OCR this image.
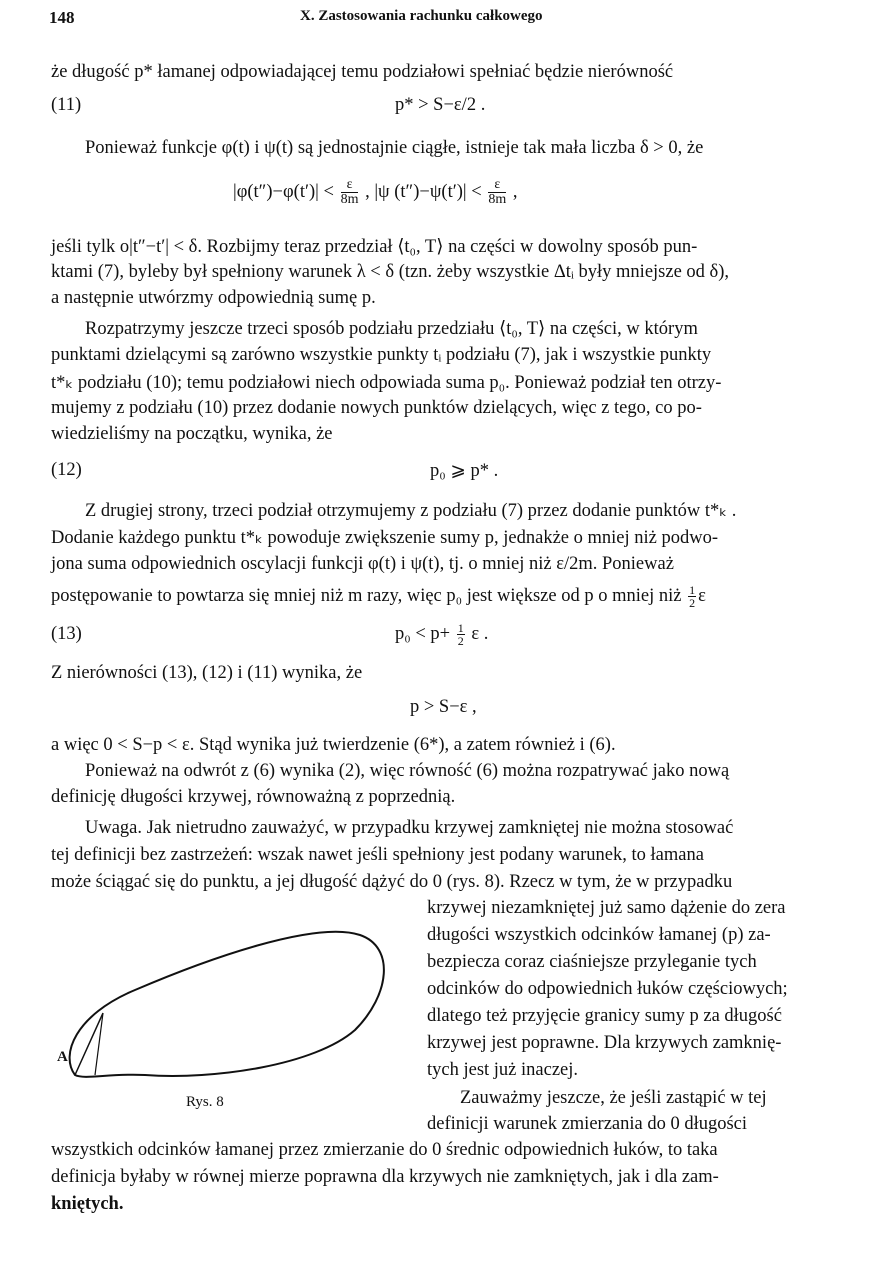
148	X. Zastosowania rachunku całkowego
że długość p* łamanej odpowiadającej temu podziałowi spełniać będzie nierówność
(11)	p* > S−ε/2 .
Ponieważ funkcje φ(t) i ψ(t) są jednostajnie ciągłe, istnieje tak mała liczba δ > 0, że
$|\varphi(t'')-\varphi(t')| < \frac{\varepsilon}{8m}$ , |ψ $(t'')-\psi(t')| < \frac{\varepsilon}{8m}$ ,
jeśli tylk o|t″−t′| < δ. Rozbijmy teraz przedział ⟨t₀, T⟩ na części w dowolny sposób pun-
ktami (7), byleby był spełniony warunek λ < δ (tzn. żeby wszystkie Δtᵢ były mniejsze od δ),
a następnie utwórzmy odpowiednią sumę p.
Rozpatrzymy jeszcze trzeci sposób podziału przedziału ⟨t₀, T⟩ na części, w którym
punktami dzielącymi są zarówno wszystkie punkty tᵢ podziału (7), jak i wszystkie punkty
t*ₖ podziału (10); temu podziałowi niech odpowiada suma p₀. Ponieważ podział ten otrzy-
mujemy z podziału (10) przez dodanie nowych punktów dzielących, więc z tego, co po-
wiedzieliśmy na początku, wynika, że
(12)	p₀ ⩾ p* .
Z drugiej strony, trzeci podział otrzymujemy z podziału (7) przez dodanie punktów t*ₖ .
Dodanie każdego punktu t*ₖ powoduje zwiększenie sumy p, jednakże o mniej niż podwo-
jona suma odpowiednich oscylacji funkcji φ(t) i ψ(t), tj. o mniej niż ε/2m. Ponieważ
postępowanie to powtarza się mniej niż m razy, więc p₀ jest większe od p o mniej niż $\frac{1}{2}$ ε
(13)	$p_0 < p+ \frac{1}{2}$ ε .
Z nierówności (13), (12) i (11) wynika, że
p > S−ε ,
a więc 0 < S−p < ε. Stąd wynika już twierdzenie (6*), a zatem również i (6).
Ponieważ na odwrót z (6) wynika (2), więc równość (6) można rozpatrywać jako nową
definicję długości krzywej, równoważną z poprzednią.
Uwaga. Jak nietrudno zauważyć, w przypadku krzywej zamkniętej nie można stosować
tej definicji bez zastrzeżeń: wszak nawet jeśli spełniony jest podany warunek, to łamana
może ściągać się do punktu, a jej długość dążyć do 0 (rys. 8). Rzecz w tym, że w przypadku
krzywej niezamkniętej już samo dążenie do zera
długości wszystkich odcinków łamanej (p) za-
bezpiecza coraz ciaśniejsze przyleganie tych
odcinków do odpowiednich łuków częściowych;
dlatego też przyjęcie granicy sumy p za długość
krzywej jest poprawne. Dla krzywych zamknię-
tych jest już inaczej.
Zauważmy jeszcze, że jeśli zastąpić w tej
definicji warunek zmierzania do 0 długości
wszystkich odcinków łamanej przez zmierzanie do 0 średnic odpowiednich łuków, to taka
definicja byłaby w równej mierze poprawna dla krzywych nie zamkniętych, jak i dla zam-
kniętych.
A
Rys. 8
